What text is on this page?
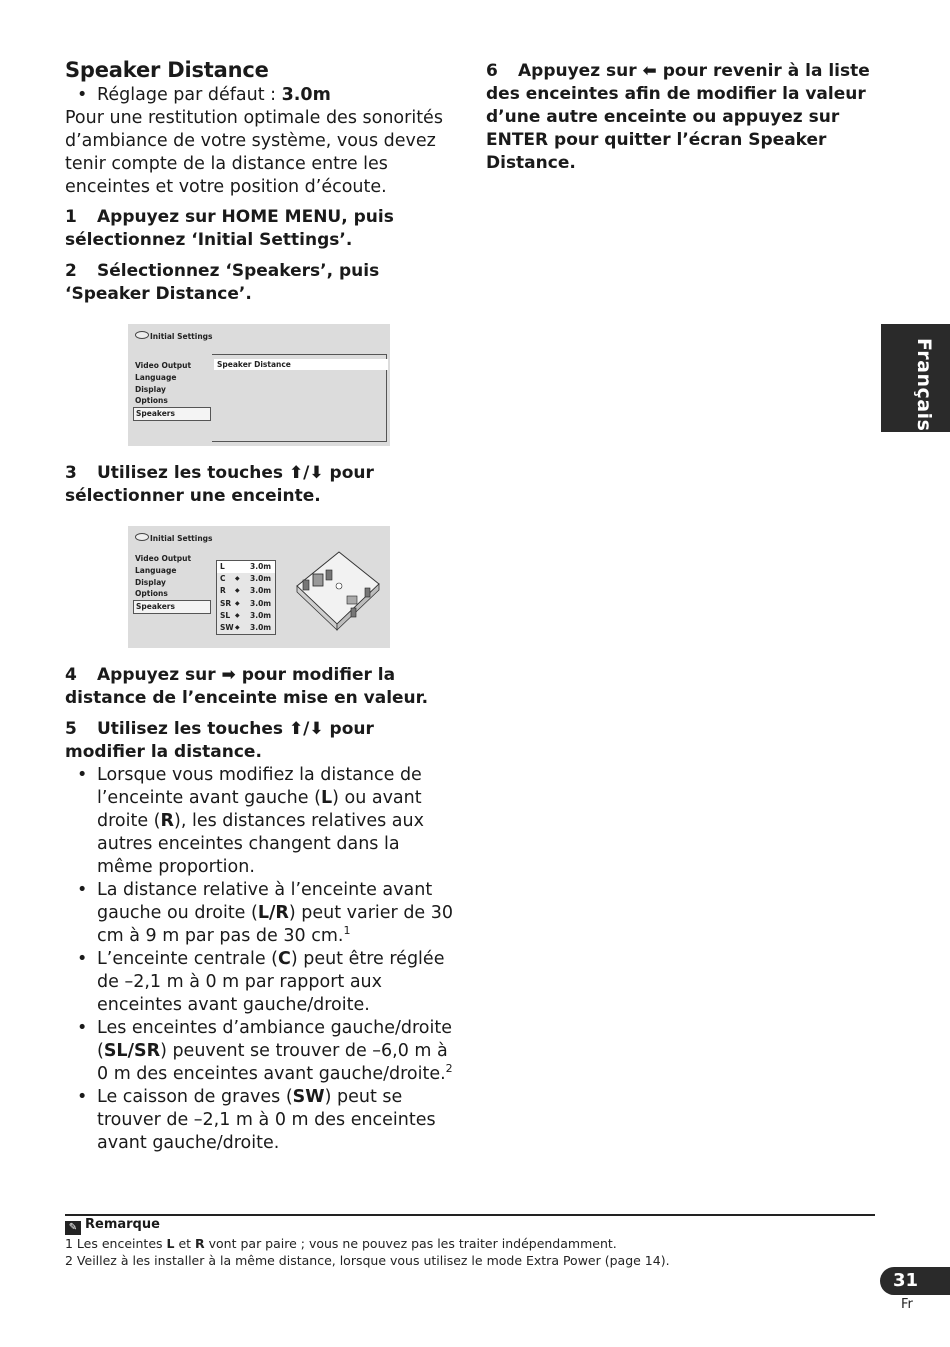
Speaker Distance
• Réglage par défaut : 3.0m
Pour une restitution optimale des sonorités d’ambiance de votre système, vous devez tenir compte de la distance entre les enceintes et votre position d’écoute.

1 Appuyez sur HOME MENU, puis sélectionnez ‘Initial Settings’.

2 Sélectionnez ‘Speakers’, puis ‘Speaker Distance’.

Initial Settings
Speaker Distance
Video Output
Language
Display
Options
Speakers

3 Utilisez les touches ⬆/⬇ pour sélectionner une enceinte.

Initial Settings
Video Output
Language
Display
Options
Speakers
L	3.0m
C ◆ 3.0m
R ◆ 3.0m
SR ◆ 3.0m
SL ◆ 3.0m
SW ◆ 3.0m

4 Appuyez sur ➡ pour modifier la distance de l’enceinte mise en valeur.

5 Utilisez les touches ⬆/⬇ pour modifier la distance.

• Lorsque vous modifiez la distance de l’enceinte avant gauche (L) ou avant droite (R), les distances relatives aux autres enceintes changent dans la même proportion.
• La distance relative à l’enceinte avant gauche ou droite (L/R) peut varier de 30 cm à 9 m par pas de 30 cm.$^1$
• L’enceinte centrale (C) peut être réglée de –2,1 m à 0 m par rapport aux enceintes avant gauche/droite.
• Les enceintes d’ambiance gauche/droite (SL/SR) peuvent se trouver de –6,0 m à 0 m des enceintes avant gauche/droite.$^2$
• Le caisson de graves (SW) peut se trouver de –2,1 m à 0 m des enceintes avant gauche/droite.

6 Appuyez sur ⬅ pour revenir à la liste des enceintes afin de modifier la valeur d’une autre enceinte ou appuyez sur ENTER pour quitter l’écran Speaker Distance.

Français
✎ Remarque
1 Les enceintes L et R vont par paire ; vous ne pouvez pas les traiter indépendamment.
2 Veillez à les installer à la même distance, lorsque vous utilisez le mode Extra Power (page 14).
31
Fr
